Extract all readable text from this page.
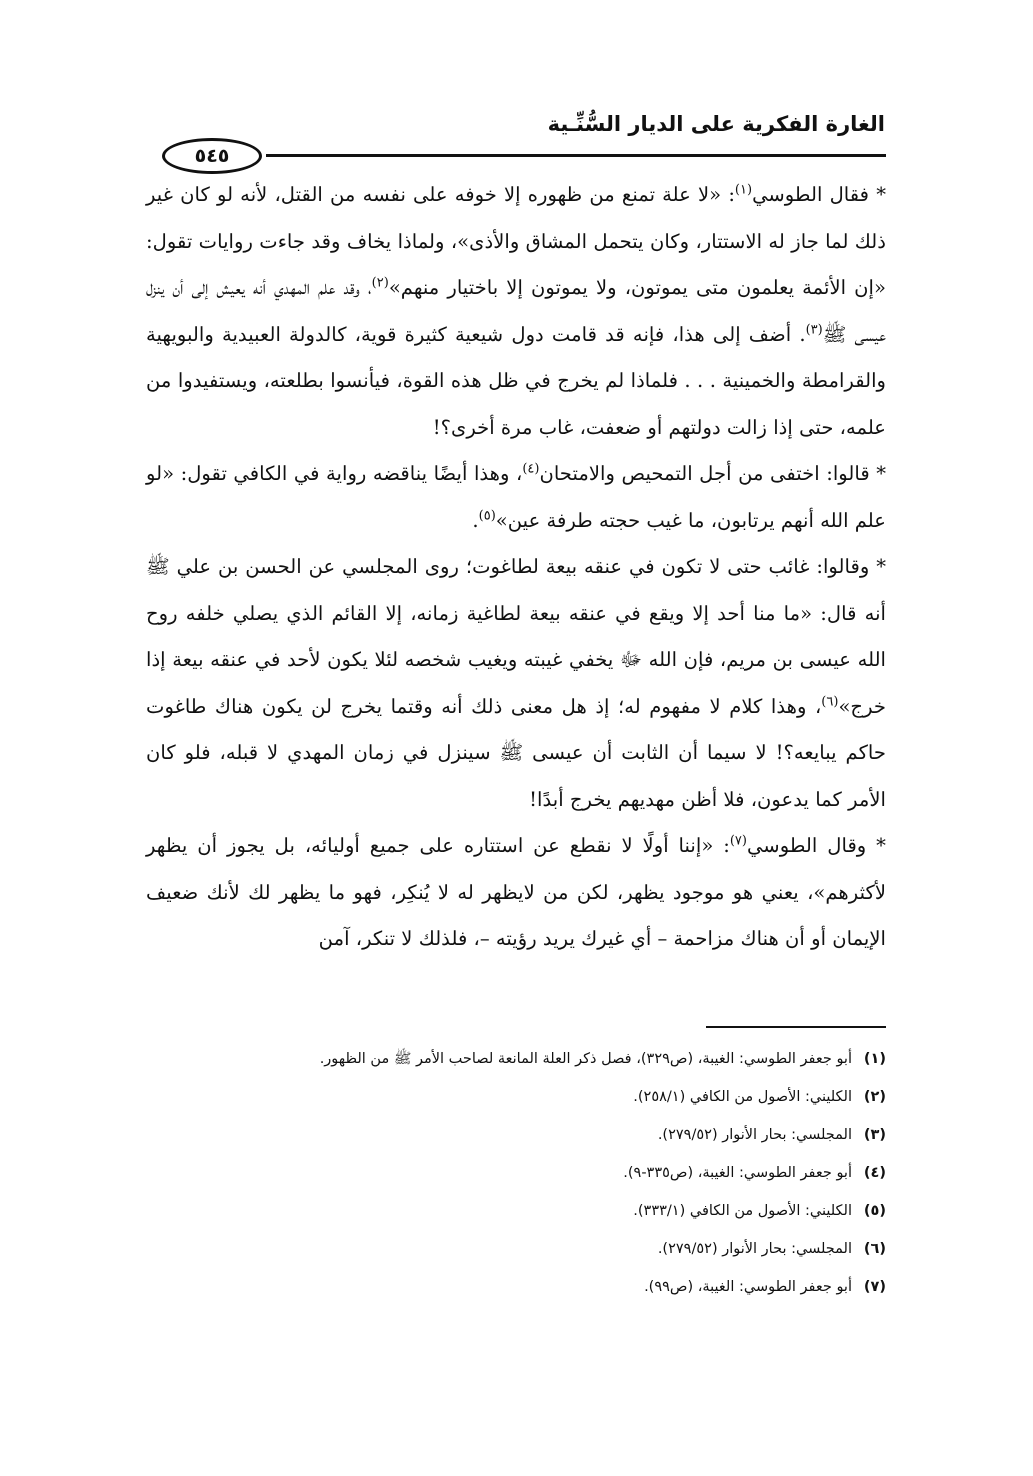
الغارة الفكرية على الديار السُّنِّـية
٥٤٥

* فقال الطوسي$^{(١)}$: «لا علة تمنع من ظهوره إلا خوفه على نفسه من القتل، لأنه لو كان غير ذلك لما جاز له الاستتار، وكان يتحمل المشاق والأذى»، ولماذا يخاف وقد جاءت روايات تقول: «إن الأئمة يعلمون متى يموتون، ولا يموتون إلا باختيار منهم»$^{(٢)}$، وقد علم المهدي أنه يعيش إلى أن ينزل عيسى ﷺ$^{(٣)}$. أضف إلى هذا، فإنه قد قامت دول شيعية كثيرة قوية، كالدولة العبيدية والبويهية والقرامطة والخمينية . . . فلماذا لم يخرج في ظل هذه القوة، فيأنسوا بطلعته، ويستفيدوا من علمه، حتى إذا زالت دولتهم أو ضعفت، غاب مرة أخرى؟!

* قالوا: اختفى من أجل التمحيص والامتحان$^{(٤)}$، وهذا أيضًا يناقضه رواية في الكافي تقول: «لو علم الله أنهم يرتابون، ما غيب حجته طرفة عين»$^{(٥)}$.

* وقالوا: غائب حتى لا تكون في عنقه بيعة لطاغوت؛ روى المجلسي عن الحسن بن علي ﷺ أنه قال: «ما منا أحد إلا ويقع في عنقه بيعة لطاغية زمانه، إلا القائم الذي يصلي خلفه روح الله عيسى بن مريم، فإن الله ﷻ يخفي غيبته ويغيب شخصه لئلا يكون لأحد في عنقه بيعة إذا خرج»$^{(٦)}$، وهذا كلام لا مفهوم له؛ إذ هل معنى ذلك أنه وقتما يخرج لن يكون هناك طاغوت حاكم يبايعه؟! لا سيما أن الثابت أن عيسى ﷺ سينزل في زمان المهدي لا قبله، فلو كان الأمر كما يدعون، فلا أظن مهديهم يخرج أبدًا!

* وقال الطوسي$^{(٧)}$: «إننا أولًا لا نقطع عن استتاره على جميع أوليائه، بل يجوز أن يظهر لأكثرهم»، يعني هو موجود يظهر، لكن من لايظهر له لا يُنكِر، فهو ما يظهر لك لأنك ضعيف الإيمان أو أن هناك مزاحمة – أي غيرك يريد رؤيته –، فلذلك لا تنكر، آمن

(١)أبو جعفر الطوسي: الغيبة، (ص٣٢٩)، فصل ذكر العلة المانعة لصاحب الأمر ﷺ من الظهور.
(٢)الكليني: الأصول من الكافي (٢٥٨/١).
(٣)المجلسي: بحار الأنوار (٢٧٩/٥٢).
(٤)أبو جعفر الطوسي: الغيبة، (ص٣٣٥-٩).
(٥)الكليني: الأصول من الكافي (٣٣٣/١).
(٦)المجلسي: بحار الأنوار (٢٧٩/٥٢).
(٧)أبو جعفر الطوسي: الغيبة، (ص٩٩).
